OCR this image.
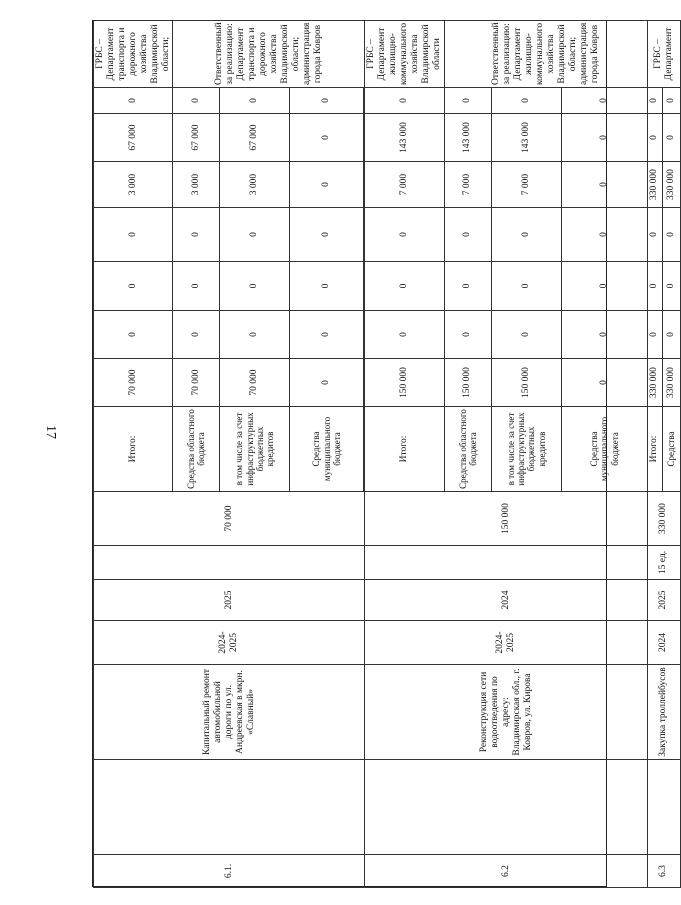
17
6.1.		Капитальный ремонт автомобильной дороги по ул. Андреевская в мкрн. «Славный»	2024-2025	2025		70 000	Итого:	70 000	0	0	0	3 000	67 000	0	ГРБС – Департамент транспорта и дорожного хозяйства Владимирской области;
							Средства областного бюджета	70 000	0	0	0	3 000	67 000	0	Ответственный за реализацию: Департамент транспорта и дорожного хозяйства Владимирской области; администрация города Ковров
							в том числе за счет инфраструктурных бюджетных кредитов	70 000	0	0	0	3 000	67 000	0	
							Средства муниципального бюджета	0	0	0	0	0	0	0	

6.2		Реконструкция сети водоотведения по адресу: Владимирская обл., г. Ковров, ул. Кирова	2024-2025	2024		150 000	Итого:	150 000	0	0	0	7 000	143 000	0	ГРБС – Департамент жилищно-коммунального хозяйства Владимирской области
							Средства областного бюджета	150 000	0	0	0	7 000	143 000	0	Ответственный за реализацию: Департамент жилищно-коммунального хозяйства Владимирской области; администрация города Ковров
							в том числе за счет инфраструктурных бюджетных кредитов	150 000	0	0	0	7 000	143 000	0	
							Средства муниципального бюджета	0	0	0	0	0	0	0	
6.3		Закупка троллейбусов	2024	2025	15 ед.	330 000	Итого:	330 000	0	0	0	330 000	0	0	ГРБС – Департамент
							Средства	330 000	0	0	0	330 000	0	0	
